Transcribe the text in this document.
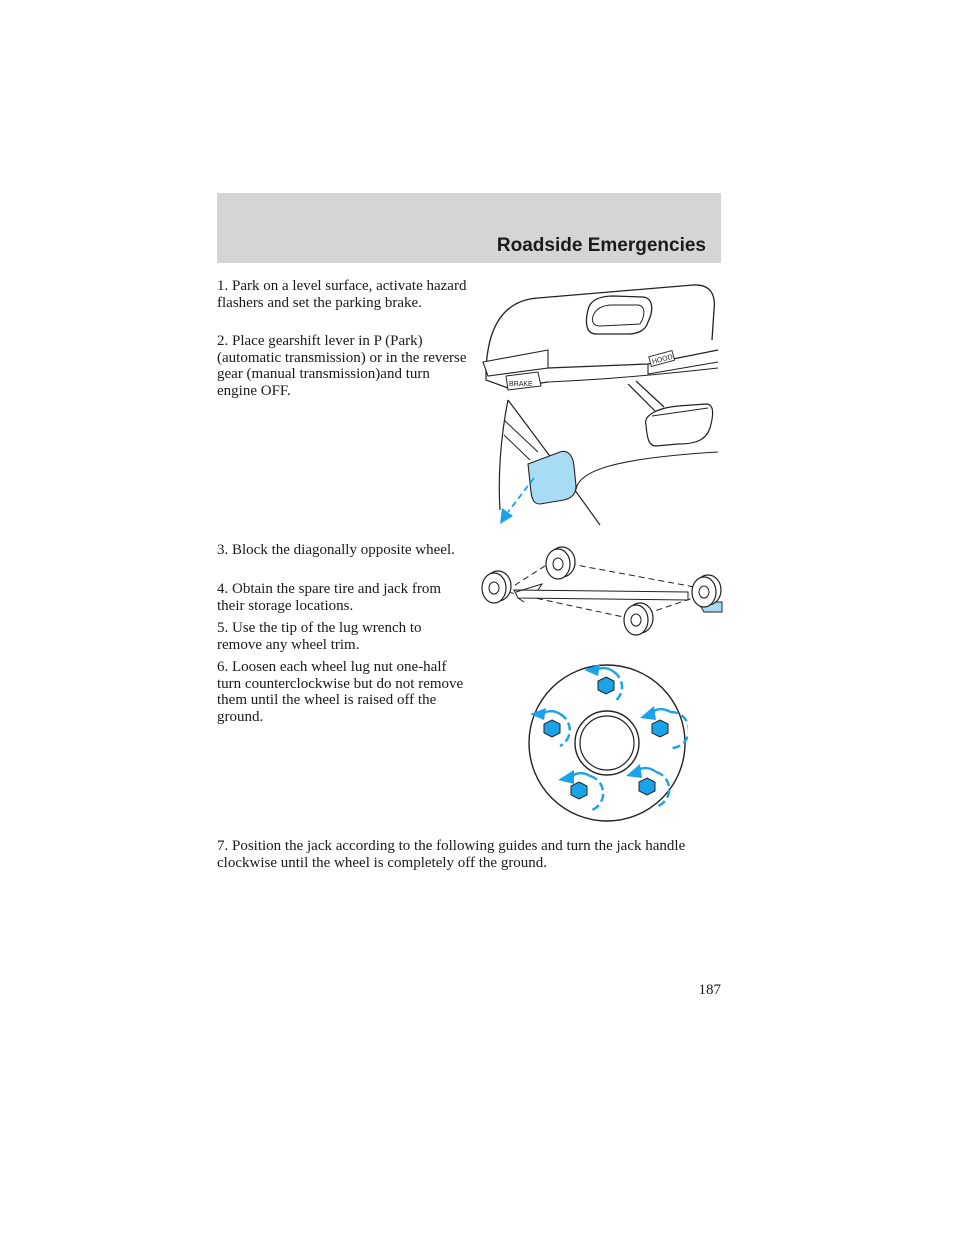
Roadside Emergencies

1. Park on a level surface, activate hazard flashers and set the parking brake.

2. Place gearshift lever in P (Park) (automatic transmission) or in the reverse gear (manual transmission)and turn engine OFF.

3. Block the diagonally opposite wheel.

4. Obtain the spare tire and jack from their storage locations.

5. Use the tip of the lug wrench to remove any wheel trim.

6. Loosen each wheel lug nut one-half turn counterclockwise but do not remove them until the wheel is raised off the ground.

7. Position the jack according to the following guides and turn the jack handle clockwise until the wheel is completely off the ground.

BRAKE
HOOD
187
